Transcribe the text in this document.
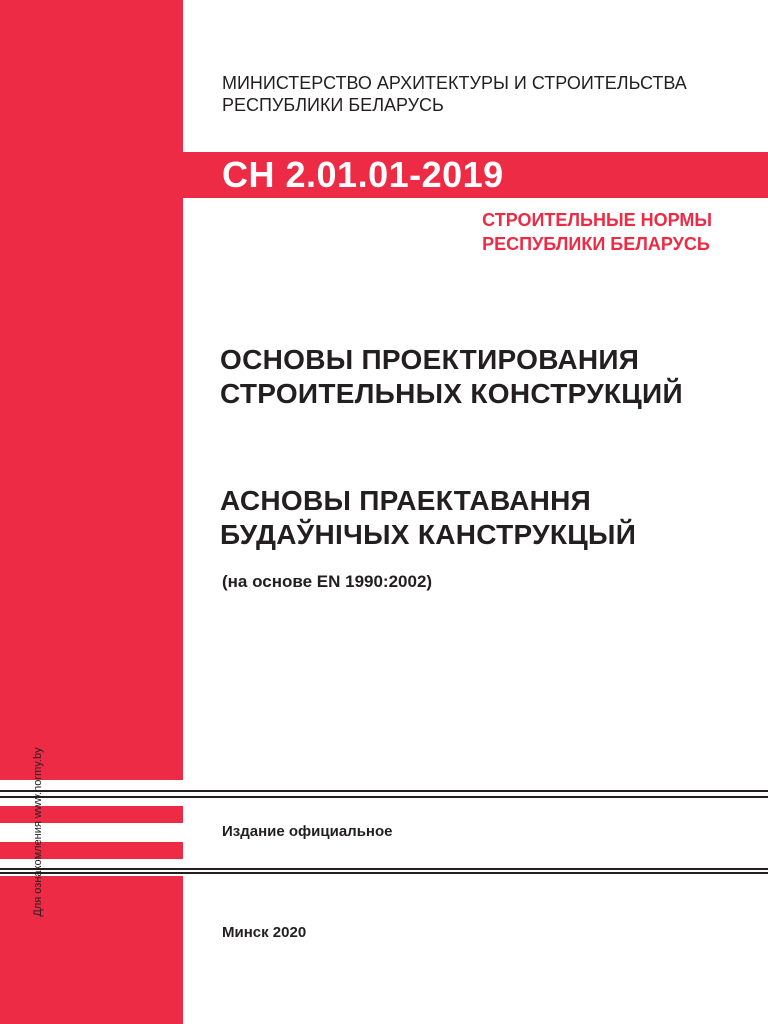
МИНИСТЕРСТВО АРХИТЕКТУРЫ И СТРОИТЕЛЬСТВА
РЕСПУБЛИКИ БЕЛАРУСЬ
СН 2.01.01-2019
СТРОИТЕЛЬНЫЕ НОРМЫ
РЕСПУБЛИКИ БЕЛАРУСЬ
ОСНОВЫ ПРОЕКТИРОВАНИЯ
СТРОИТЕЛЬНЫХ КОНСТРУКЦИЙ
АСНОВЫ ПРАЕКТАВАННЯ
БУДАЎНІЧЫХ КАНСТРУКЦЫЙ
(на основе EN 1990:2002)
Издание официальное
Минск 2020
Для ознакомления www.normy.by
